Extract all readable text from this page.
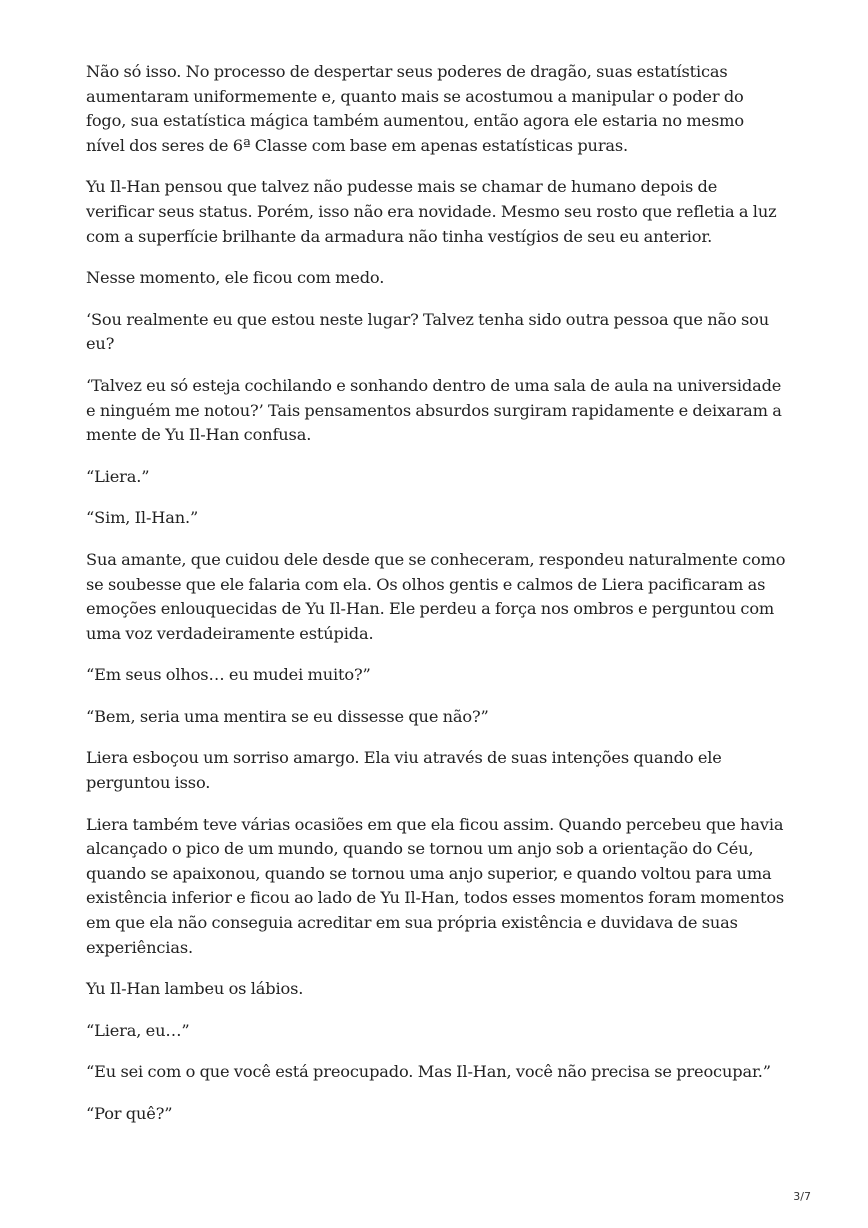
Não só isso. No processo de despertar seus poderes de dragão, suas estatísticas aumentaram uniformemente e, quanto mais se acostumou a manipular o poder do fogo, sua estatística mágica também aumentou, então agora ele estaria no mesmo nível dos seres de 6ª Classe com base em apenas estatísticas puras.

Yu Il-Han pensou que talvez não pudesse mais se chamar de humano depois de verificar seus status. Porém, isso não era novidade. Mesmo seu rosto que refletia a luz com a superfície brilhante da armadura não tinha vestígios de seu eu anterior.

Nesse momento, ele ficou com medo.

‘Sou realmente eu que estou neste lugar? Talvez tenha sido outra pessoa que não sou eu?

‘Talvez eu só esteja cochilando e sonhando dentro de uma sala de aula na universidade e ninguém me notou?’ Tais pensamentos absurdos surgiram rapidamente e deixaram a mente de Yu Il-Han confusa.

“Liera.”

“Sim, Il-Han.”

Sua amante, que cuidou dele desde que se conheceram, respondeu naturalmente como se soubesse que ele falaria com ela. Os olhos gentis e calmos de Liera pacificaram as emoções enlouquecidas de Yu Il-Han. Ele perdeu a força nos ombros e perguntou com uma voz verdadeiramente estúpida.

“Em seus olhos… eu mudei muito?”

“Bem, seria uma mentira se eu dissesse que não?”

Liera esboçou um sorriso amargo. Ela viu através de suas intenções quando ele perguntou isso.

Liera também teve várias ocasiões em que ela ficou assim. Quando percebeu que havia alcançado o pico de um mundo, quando se tornou um anjo sob a orientação do Céu, quando se apaixonou, quando se tornou uma anjo superior, e quando voltou para uma existência inferior e ficou ao lado de Yu Il-Han, todos esses momentos foram momentos em que ela não conseguia acreditar em sua própria existência e duvidava de suas experiências.

Yu Il-Han lambeu os lábios.

“Liera, eu…”

“Eu sei com o que você está preocupado. Mas Il-Han, você não precisa se preocupar.”

“Por quê?”

3/7
